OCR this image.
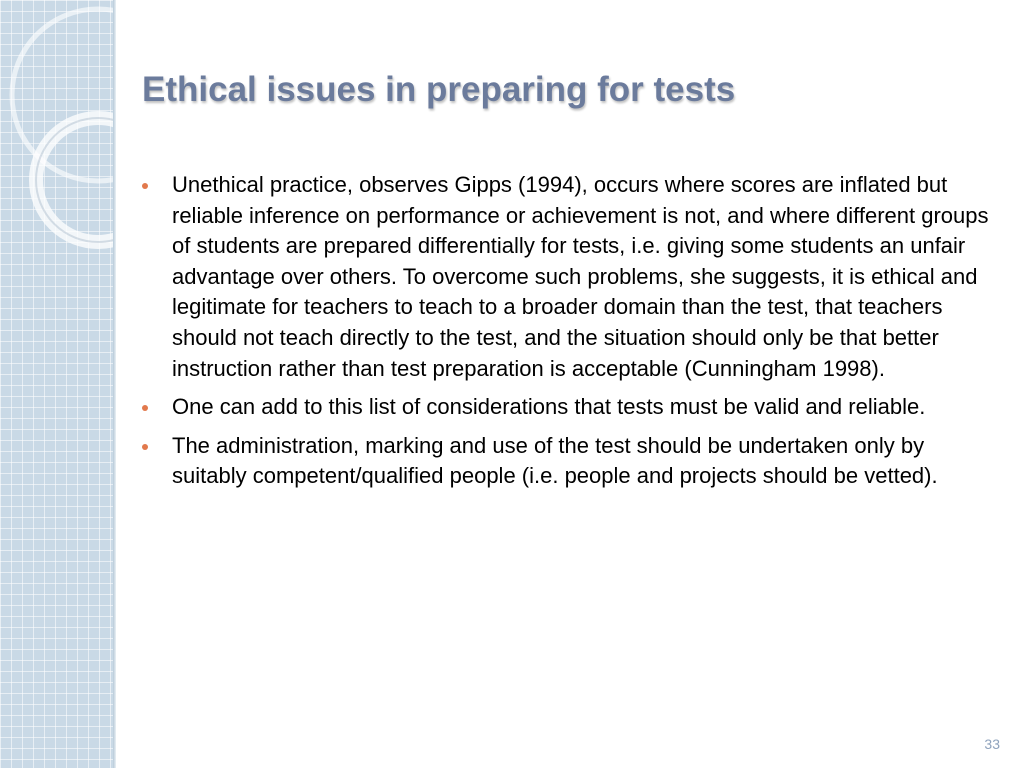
Ethical issues in preparing for tests
Unethical practice, observes Gipps (1994), occurs where scores are inflated but reliable inference on performance or achievement is not, and where different groups of students are prepared differentially for tests, i.e. giving some students an unfair advantage over others. To overcome such problems, she suggests, it is ethical and legitimate for teachers to teach to a broader domain than the test, that teachers should not teach directly to the test, and the situation should only be that better instruction rather than test preparation is acceptable (Cunningham 1998).
One can add to this list of considerations that tests must be valid and reliable.
The administration, marking and use of the test should be undertaken only by suitably competent/qualified people (i.e. people and projects should be vetted).
33
